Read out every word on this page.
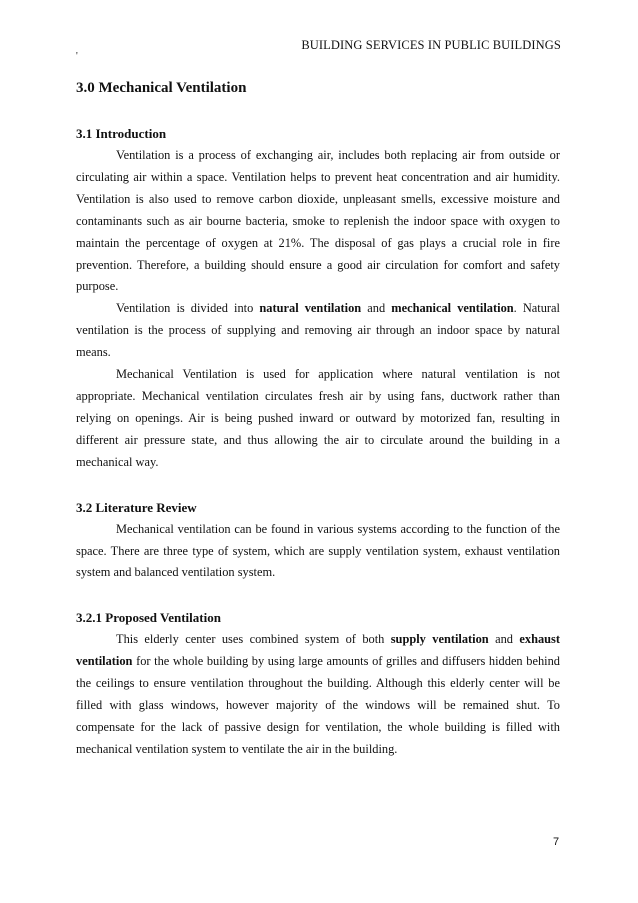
BUILDING SERVICES IN PUBLIC BUILDINGS
'
3.0 Mechanical Ventilation
3.1 Introduction

Ventilation is a process of exchanging air, includes both replacing air from outside or circulating air within a space. Ventilation helps to prevent heat concentration and air humidity. Ventilation is also used to remove carbon dioxide, unpleasant smells, excessive moisture and contaminants such as air bourne bacteria, smoke to replenish the indoor space with oxygen to maintain the percentage of oxygen at 21%. The disposal of gas plays a crucial role in fire prevention. Therefore, a building should ensure a good air circulation for comfort and safety purpose.

Ventilation is divided into natural ventilation and mechanical ventilation. Natural ventilation is the process of supplying and removing air through an indoor space by natural means.

Mechanical Ventilation is used for application where natural ventilation is not appropriate. Mechanical ventilation circulates fresh air by using fans, ductwork rather than relying on openings. Air is being pushed inward or outward by motorized fan, resulting in different air pressure state, and thus allowing the air to circulate around the building in a mechanical way.

3.2 Literature Review

Mechanical ventilation can be found in various systems according to the function of the space. There are three type of system, which are supply ventilation system, exhaust ventilation system and balanced ventilation system.

3.2.1 Proposed Ventilation

This elderly center uses combined system of both supply ventilation and exhaust ventilation for the whole building by using large amounts of grilles and diffusers hidden behind the ceilings to ensure ventilation throughout the building. Although this elderly center will be filled with glass windows, however majority of the windows will be remained shut. To compensate for the lack of passive design for ventilation, the whole building is filled with mechanical ventilation system to ventilate the air in the building.

7
